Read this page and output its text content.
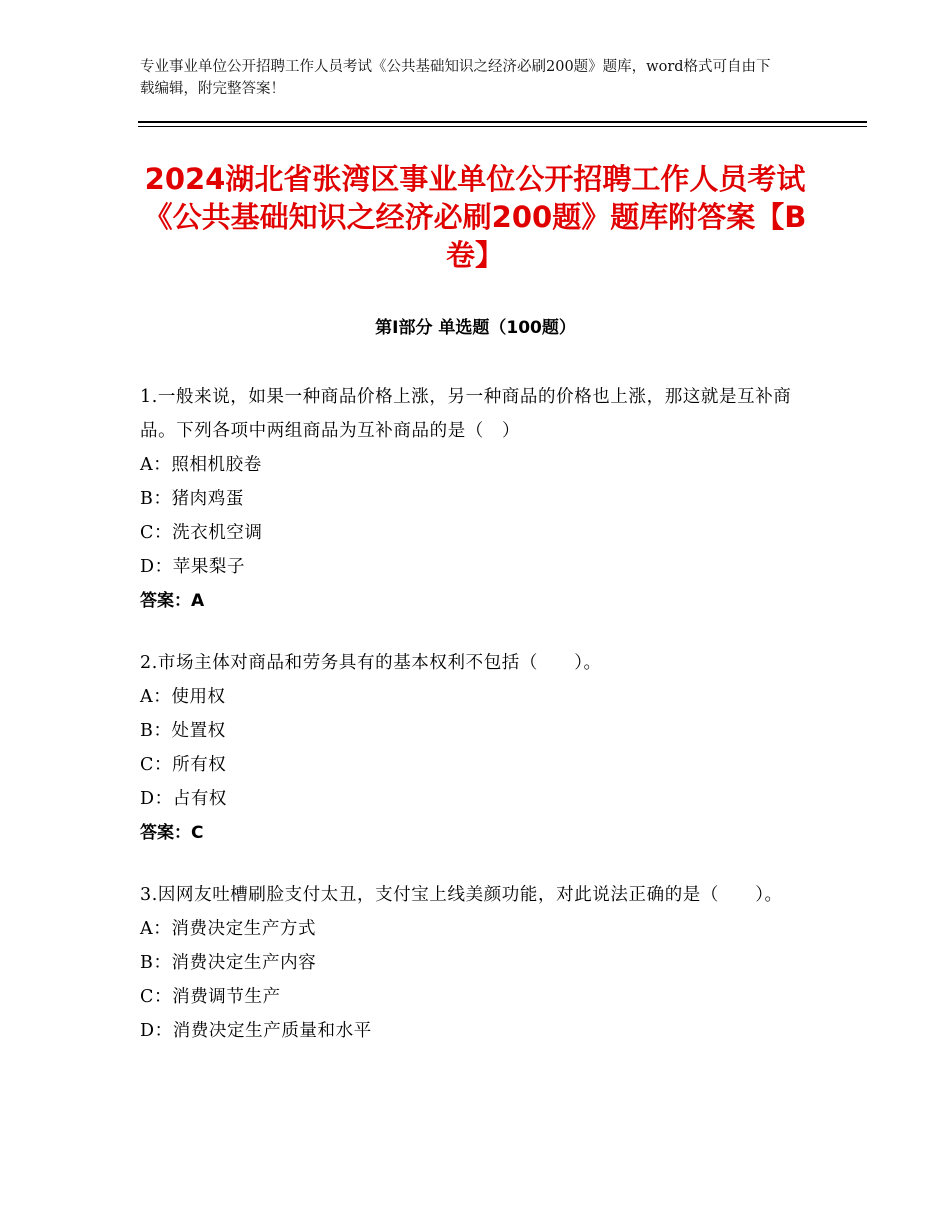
专业事业单位公开招聘工作人员考试《公共基础知识之经济必刷200题》题库，word格式可自由下载编辑，附完整答案！
2024湖北省张湾区事业单位公开招聘工作人员考试《公共基础知识之经济必刷200题》题库附答案【B卷】
第Ⅰ部分 单选题（100题）

1.一般来说，如果一种商品价格上涨，另一种商品的价格也上涨，那这就是互补商品。下列各项中两组商品为互补商品的是（　）

A：照相机胶卷

B：猪肉鸡蛋

C：洗衣机空调

D：苹果梨子

答案：A

2.市场主体对商品和劳务具有的基本权利不包括（　　）。

A：使用权

B：处置权

C：所有权

D：占有权

答案：C

3.因网友吐槽刷脸支付太丑，支付宝上线美颜功能，对此说法正确的是（　　）。

A：消费决定生产方式

B：消费决定生产内容

C：消费调节生产

D：消费决定生产质量和水平
